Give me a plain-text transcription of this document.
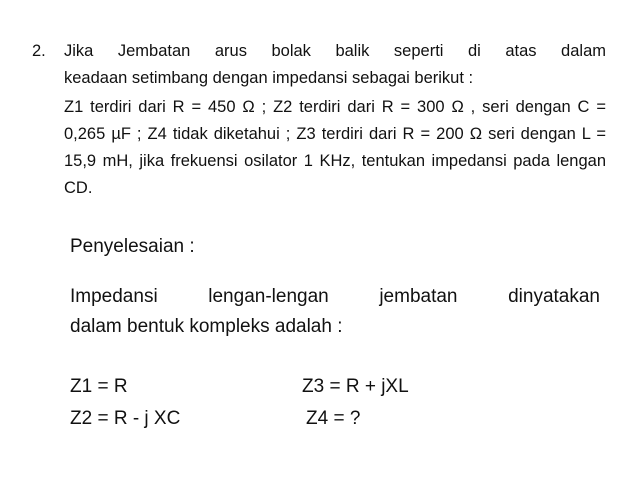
2.	Jika Jembatan arus bolak balik seperti di atas dalam
keadaan setimbang dengan impedansi sebagai berikut :
Z1 terdiri dari R = 450 Ω ; Z2 terdiri dari R = 300 Ω , seri dengan C = 0,265 µF ; Z4 tidak diketahui ; Z3 terdiri dari R = 200 Ω seri dengan L = 15,9 mH, jika frekuensi osilator 1 KHz, tentukan impedansi pada lengan CD.
Penyelesaian :
Impedansi lengan-lengan jembatan dinyatakan
dalam bentuk kompleks adalah :
Z1 = R	Z3 = R + jXL
Z2 = R - j XC	Z4 = ?
